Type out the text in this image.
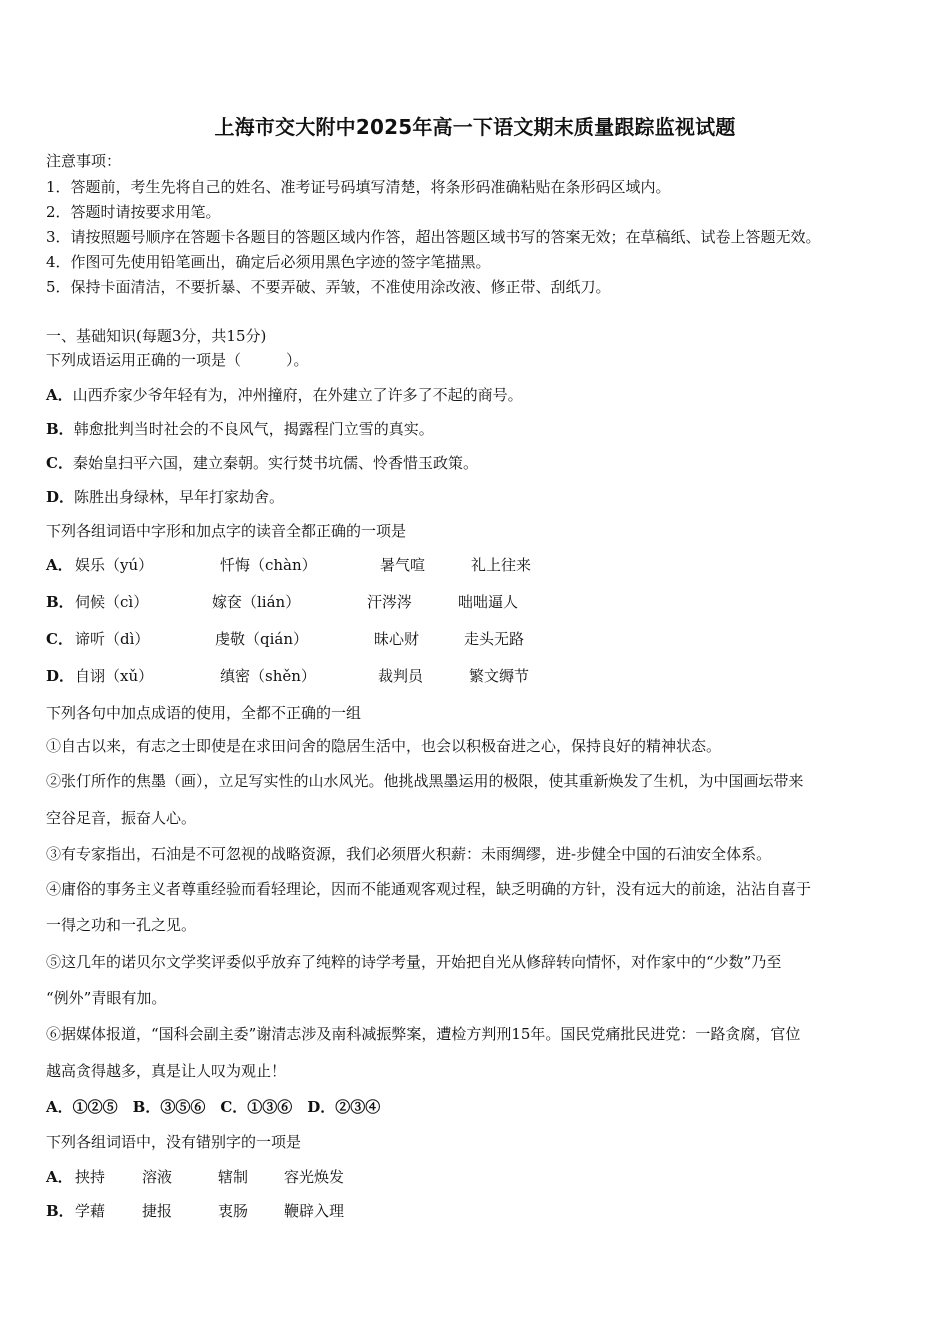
上海市交大附中2025年高一下语文期末质量跟踪监视试题
注意事项：
1．答题前，考生先将自己的姓名、准考证号码填写清楚，将条形码准确粘贴在条形码区域内。
2．答题时请按要求用笔。
3．请按照题号顺序在答题卡各题目的答题区域内作答，超出答题区域书写的答案无效；在草稿纸、试卷上答题无效。
4．作图可先使用铅笔画出，确定后必须用黑色字迹的签字笔描黑。
5．保持卡面清洁，不要折暴、不要弄破、弄皱，不准使用涂改液、修正带、刮纸刀。
一、基础知识(每题3分，共15分)
下列成语运用正确的一项是（　　　）。
A．山西乔家少爷年轻有为，冲州撞府，在外建立了许多了不起的商号。
B．韩愈批判当时社会的不良风气，揭露程门立雪的真实。
C．秦始皇扫平六国，建立秦朝。实行焚书坑儒、怜香惜玉政策。
D．陈胜出身绿林，早年打家劫舍。
下列各组词语中字形和加点字的读音全都正确的一项是
A． 娱乐（yú）	忏悔（chàn）	暑气喧	礼上往来
B． 伺候（cì）	嫁奁（lián）	汗涔涔	咄咄逼人
C． 谛听（dì）	虔敬（qián）	昧心财	走头无路
D． 自诩（xǔ）	缜密（shěn）	裁判员	繁文缛节
下列各句中加点成语的使用，全都不正确的一组
①自古以来，有志之士即使是在求田问舍的隐居生活中，也会以积极奋进之心，保持良好的精神状态。
②张仃所作的焦墨（画），立足写实性的山水风光。他挑战黑墨运用的极限，使其重新焕发了生机，为中国画坛带来
空谷足音，振奋人心。
③有专家指出，石油是不可忽视的战略资源，我们必须厝火积薪：未雨绸缪，进-步健全中国的石油安全体系。
④庸俗的事务主义者尊重经验而看轻理论，因而不能通观客观过程，缺乏明确的方针，没有远大的前途，沾沾自喜于
一得之功和一孔之见。
⑤这几年的诺贝尔文学奖评委似乎放弃了纯粹的诗学考量，开始把自光从修辞转向情怀，对作家中的“少数”乃至
“例外”青眼有加。
⑥据媒体报道，“国科会副主委”谢清志涉及南科减振弊案，遭检方判刑15年。国民党痛批民进党：一路贪腐，官位
越高贪得越多，真是让人叹为观止！
A．①②⑤　B．③⑤⑥　C．①③⑥　D．②③④
下列各组词语中，没有错别字的一项是
A． 挟持 溶液	辖制 容光焕发
B． 学藉 捷报	衷肠 鞭辟入理
